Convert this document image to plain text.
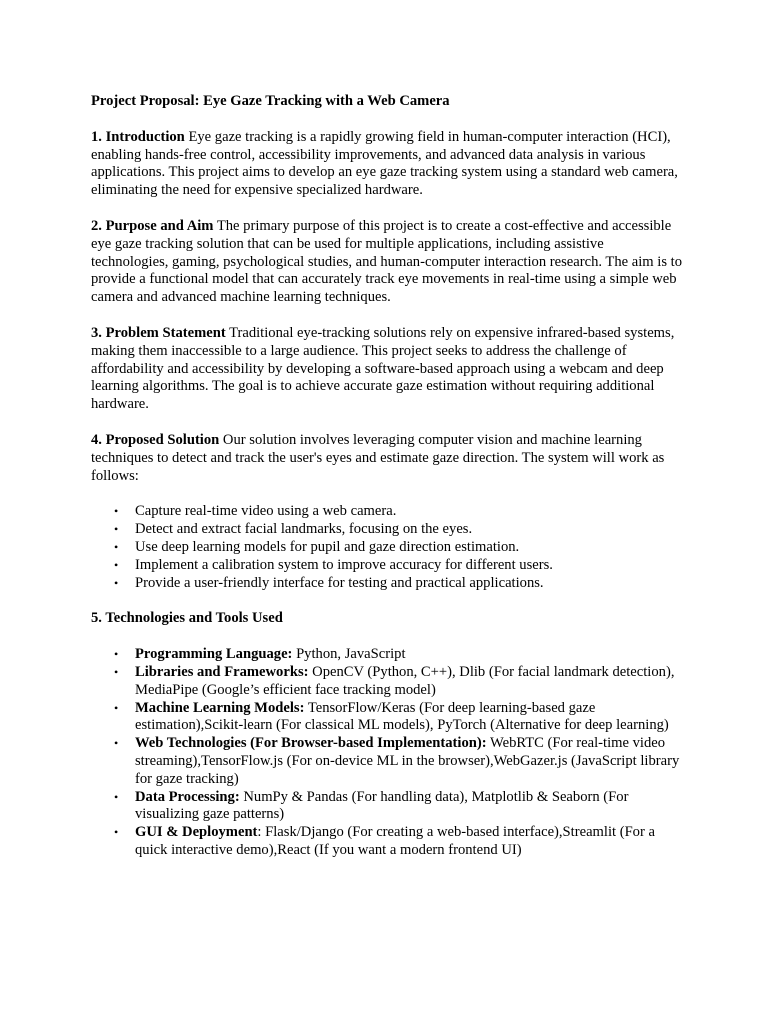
Project Proposal: Eye Gaze Tracking with a Web Camera

1. Introduction Eye gaze tracking is a rapidly growing field in human-computer interaction (HCI), enabling hands-free control, accessibility improvements, and advanced data analysis in various applications. This project aims to develop an eye gaze tracking system using a standard web camera, eliminating the need for expensive specialized hardware.

2. Purpose and Aim The primary purpose of this project is to create a cost-effective and accessible eye gaze tracking solution that can be used for multiple applications, including assistive technologies, gaming, psychological studies, and human-computer interaction research. The aim is to provide a functional model that can accurately track eye movements in real-time using a simple web camera and advanced machine learning techniques.

3. Problem Statement Traditional eye-tracking solutions rely on expensive infrared-based systems, making them inaccessible to a large audience. This project seeks to address the challenge of affordability and accessibility by developing a software-based approach using a webcam and deep learning algorithms. The goal is to achieve accurate gaze estimation without requiring additional hardware.

4. Proposed Solution Our solution involves leveraging computer vision and machine learning techniques to detect and track the user's eyes and estimate gaze direction. The system will work as follows:

• Capture real-time video using a web camera.
• Detect and extract facial landmarks, focusing on the eyes.
• Use deep learning models for pupil and gaze direction estimation.
• Implement a calibration system to improve accuracy for different users.
• Provide a user-friendly interface for testing and practical applications.

5. Technologies and Tools Used

• Programming Language: Python, JavaScript
• Libraries and Frameworks: OpenCV (Python, C++), Dlib (For facial landmark detection), MediaPipe (Google’s efficient face tracking model)
• Machine Learning Models: TensorFlow/Keras (For deep learning-based gaze estimation),Scikit-learn (For classical ML models), PyTorch (Alternative for deep learning)
• Web Technologies (For Browser-based Implementation): WebRTC (For real-time video streaming),TensorFlow.js (For on-device ML in the browser),WebGazer.js (JavaScript library for gaze tracking)
• Data Processing: NumPy & Pandas (For handling data), Matplotlib & Seaborn (For visualizing gaze patterns)
• GUI & Deployment: Flask/Django (For creating a web-based interface),Streamlit (For a quick interactive demo),React (If you want a modern frontend UI)
